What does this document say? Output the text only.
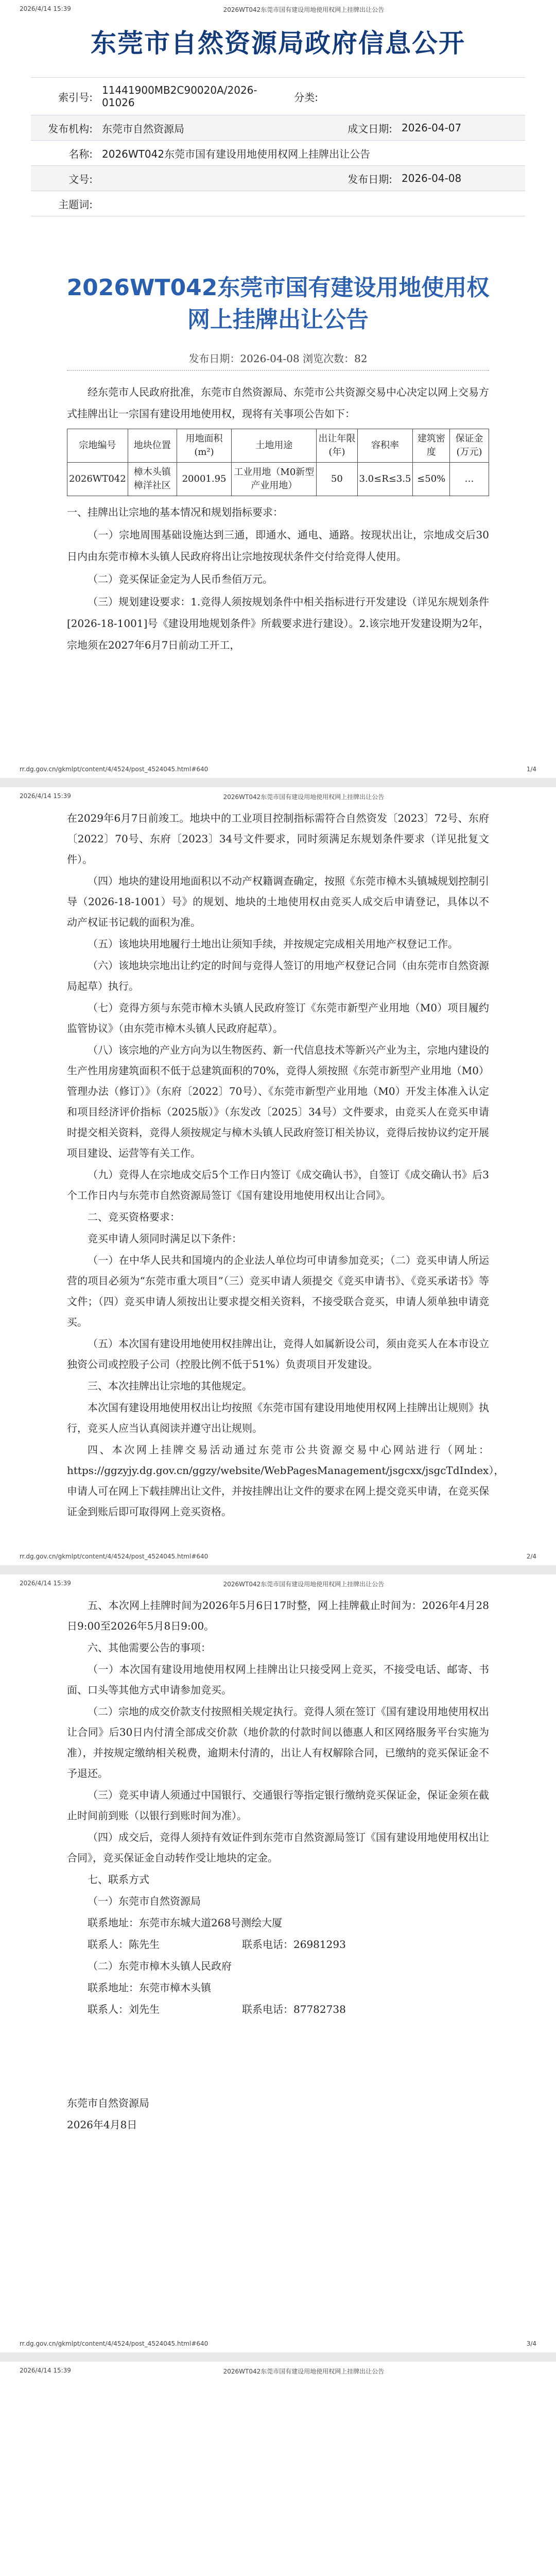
2026/4/14 15:39	2026WT042东莞市国有建设用地使用权网上挂牌出让公告
东莞市自然资源局政府信息公开
索引号:
11441900MB2C90020A/2026-01026	分类:
发布机构: 东莞市自然资源局	成文日期: 2026-04-07
名称: 2026WT042东莞市国有建设用地使用权网上挂牌出让公告
文号:	发布日期: 2026-04-08
主题词:
2026WT042东莞市国有建设用地使用权网上挂牌出让公告
发布日期：2026-04-08 浏览次数：82

经东莞市人民政府批准，东莞市自然资源局、东莞市公共资源交易中心决定以网上交易方式挂牌出让一宗国有建设用地使用权，现将有关事项公告如下：

宗地编号	地块位置	用地面积(m²)	土地用途	出让年限(年)	容积率	建筑密度	保证金(万元)
2026WT042	樟木头镇樟洋社区	20001.95	工业用地（M0新型产业用地）	50	3.0≤R≤3.5	≤50%	…

一、挂牌出让宗地的基本情况和规划指标要求：

（一）宗地周围基础设施达到三通，即通水、通电、通路。按现状出让，宗地成交后30日内由东莞市樟木头镇人民政府将出让宗地按现状条件交付给竞得人使用。

（二）竞买保证金定为人民币叁佰万元。

（三）规划建设要求：1.竞得人须按规划条件中相关指标进行开发建设（详见东规划条件[2026-18-1001]号《建设用地规划条件》所载要求进行建设）。2.该宗地开发建设期为2年，宗地须在2027年6月7日前动工开工，

rr.dg.gov.cn/gkmlpt/content/4/4524/post_4524045.html#640	1/4
2026/4/14 15:39	2026WT042东莞市国有建设用地使用权网上挂牌出让公告

在2029年6月7日前竣工。地块中的工业项目控制指标需符合自然资发〔2023〕72号、东府〔2022〕70号、东府〔2023〕34号文件要求，同时须满足东规划条件要求（详见批复文件）。

（四）地块的建设用地面积以不动产权籍调查确定，按照《东莞市樟木头镇城规划控制引导（2026-18-1001）号》的规划、地块的土地使用权由竞买人成交后申请登记，具体以不动产权证书记载的面积为准。

（五）该地块用地履行土地出让须知手续，并按规定完成相关用地产权登记工作。

（六）该地块宗地出让约定的时间与竞得人签订的用地产权登记合同（由东莞市自然资源局起草）执行。

（七）竞得方须与东莞市樟木头镇人民政府签订《东莞市新型产业用地（M0）项目履约监管协议》（由东莞市樟木头镇人民政府起草）。

（八）该宗地的产业方向为以生物医药、新一代信息技术等新兴产业为主，宗地内建设的生产性用房建筑面积不低于总建筑面积的70%，竞得人须按照《东莞市新型产业用地（M0）管理办法（修订）》（东府〔2022〕70号）、《东莞市新型产业用地（M0）开发主体准入认定和项目经济评价指标（2025版）》（东发改〔2025〕34号）文件要求，由竞买人在竞买申请时提交相关资料，竞得人须按规定与樟木头镇人民政府签订相关协议，竞得后按协议约定开展项目建设、运营等有关工作。

（九）竞得人在宗地成交后5个工作日内签订《成交确认书》，自签订《成交确认书》后3个工作日内与东莞市自然资源局签订《国有建设用地使用权出让合同》。

二、竞买资格要求：

竞买申请人须同时满足以下条件：

（一）在中华人民共和国境内的企业法人单位均可申请参加竞买；（二）竞买申请人所运营的项目必须为“东莞市重大项目”（三）竞买申请人须提交《竞买申请书》、《竞买承诺书》等文件；（四）竞买申请人须按出让要求提交相关资料，不接受联合竞买，申请人须单独申请竞买。

（五）本次国有建设用地使用权挂牌出让，竞得人如属新设公司，须由竞买人在本市设立独资公司或控股子公司（控股比例不低于51%）负责项目开发建设。

三、本次挂牌出让宗地的其他规定。

本次国有建设用地使用权出让均按照《东莞市国有建设用地使用权网上挂牌出让规则》执行，竞买人应当认真阅读并遵守出让规则。

四、本次网上挂牌交易活动通过东莞市公共资源交易中心网站进行（网址：https://ggzyjy.dg.gov.cn/ggzy/website/WebPagesManagement/jsgcxx/jsgcTdIndex），申请人可在网上下载挂牌出让文件，并按挂牌出让文件的要求在网上提交竞买申请，在竞买保证金到账后即可取得网上竞买资格。

rr.dg.gov.cn/gkmlpt/content/4/4524/post_4524045.html#640	2/4
2026/4/14 15:39	2026WT042东莞市国有建设用地使用权网上挂牌出让公告

五、本次网上挂牌时间为2026年5月6日17时整，网上挂牌截止时间为：2026年4月28日9:00至2026年5月8日9:00。

六、其他需要公告的事项：

（一）本次国有建设用地使用权网上挂牌出让只接受网上竞买，不接受电话、邮寄、书面、口头等其他方式申请参加竞买。

（二）宗地的成交价款支付按照相关规定执行。竞得人须在签订《国有建设用地使用权出让合同》后30日内付清全部成交价款（地价款的付款时间以德惠人和区网络服务平台实施为准），并按规定缴纳相关税费，逾期未付清的，出让人有权解除合同，已缴纳的竞买保证金不予退还。

（三）竞买申请人须通过中国银行、交通银行等指定银行缴纳竞买保证金，保证金须在截止时间前到账（以银行到账时间为准）。

（四）成交后，竞得人须持有效证件到东莞市自然资源局签订《国有建设用地使用权出让合同》，竞买保证金自动转作受让地块的定金。

七、联系方式

（一）东莞市自然资源局

联系地址：东莞市东城大道268号测绘大厦

联系人：陈先生　　　　　　　　联系电话：26981293

（二）东莞市樟木头镇人民政府

联系地址：东莞市樟木头镇

联系人：刘先生　　　　　　　　联系电话：87782738

东莞市自然资源局

2026年4月8日

rr.dg.gov.cn/gkmlpt/content/4/4524/post_4524045.html#640	3/4
2026/4/14 15:39	2026WT042东莞市国有建设用地使用权网上挂牌出让公告
